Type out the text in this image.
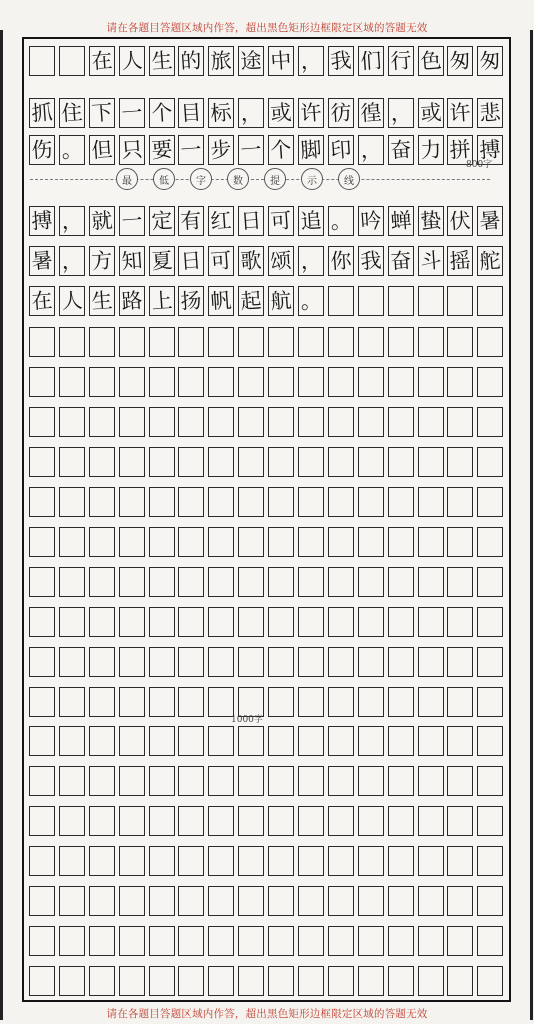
请在各题目答题区域内作答，超出黑色矩形边框限定区域的答题无效
在 人 生 的 旅 途 中 ， 我 们 行 色 匆 匆
抓 住 下 一 个 目 标 ， 或 许 彷 徨 ， 或 许 悲
伤 。 但 只 要 一 步 一 个 脚 印 ， 奋 力 拼 搏
搏 ， 就 一 定 有 红 日 可 追 。 吟 蝉 蛰 伏 暑
暑 ， 方 知 夏 日 可 歌 颂 ， 你 我 奋 斗 摇 舵
在 人 生 路 上 扬 帆 起 航 。
最	低	字	数	提	示	线
800字
1000字
请在各题目答题区域内作答，超出黑色矩形边框限定区域的答题无效
